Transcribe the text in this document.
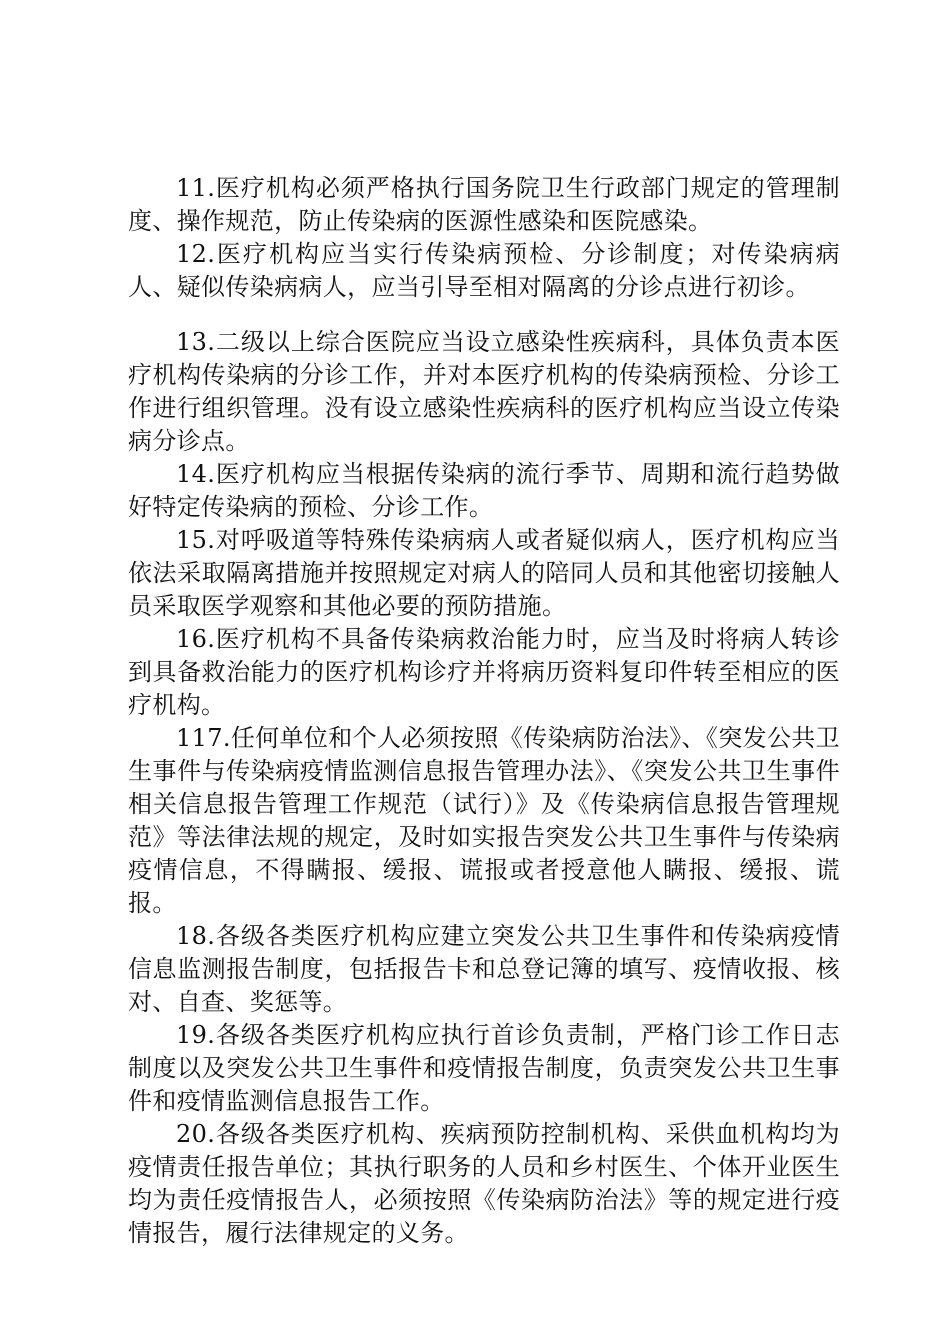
11.医疗机构必须严格执行国务院卫生行政部门规定的管理制度、操作规范，防止传染病的医源性感染和医院感染。

12.医疗机构应当实行传染病预检、分诊制度；对传染病病人、疑似传染病病人，应当引导至相对隔离的分诊点进行初诊。

13.二级以上综合医院应当设立感染性疾病科，具体负责本医疗机构传染病的分诊工作，并对本医疗机构的传染病预检、分诊工作进行组织管理。没有设立感染性疾病科的医疗机构应当设立传染病分诊点。

14.医疗机构应当根据传染病的流行季节、周期和流行趋势做好特定传染病的预检、分诊工作。

15.对呼吸道等特殊传染病病人或者疑似病人，医疗机构应当依法采取隔离措施并按照规定对病人的陪同人员和其他密切接触人员采取医学观察和其他必要的预防措施。

16.医疗机构不具备传染病救治能力时，应当及时将病人转诊到具备救治能力的医疗机构诊疗并将病历资料复印件转至相应的医疗机构。

117.任何单位和个人必须按照《传染病防治法》、《突发公共卫生事件与传染病疫情监测信息报告管理办法》、《突发公共卫生事件相关信息报告管理工作规范（试行）》及《传染病信息报告管理规范》等法律法规的规定，及时如实报告突发公共卫生事件与传染病疫情信息，不得瞒报、缓报、谎报或者授意他人瞒报、缓报、谎报。

18.各级各类医疗机构应建立突发公共卫生事件和传染病疫情信息监测报告制度，包括报告卡和总登记簿的填写、疫情收报、核对、自查、奖惩等。

19.各级各类医疗机构应执行首诊负责制，严格门诊工作日志制度以及突发公共卫生事件和疫情报告制度，负责突发公共卫生事件和疫情监测信息报告工作。

20.各级各类医疗机构、疾病预防控制机构、采供血机构均为疫情责任报告单位；其执行职务的人员和乡村医生、个体开业医生均为责任疫情报告人，必须按照《传染病防治法》等的规定进行疫情报告，履行法律规定的义务。
